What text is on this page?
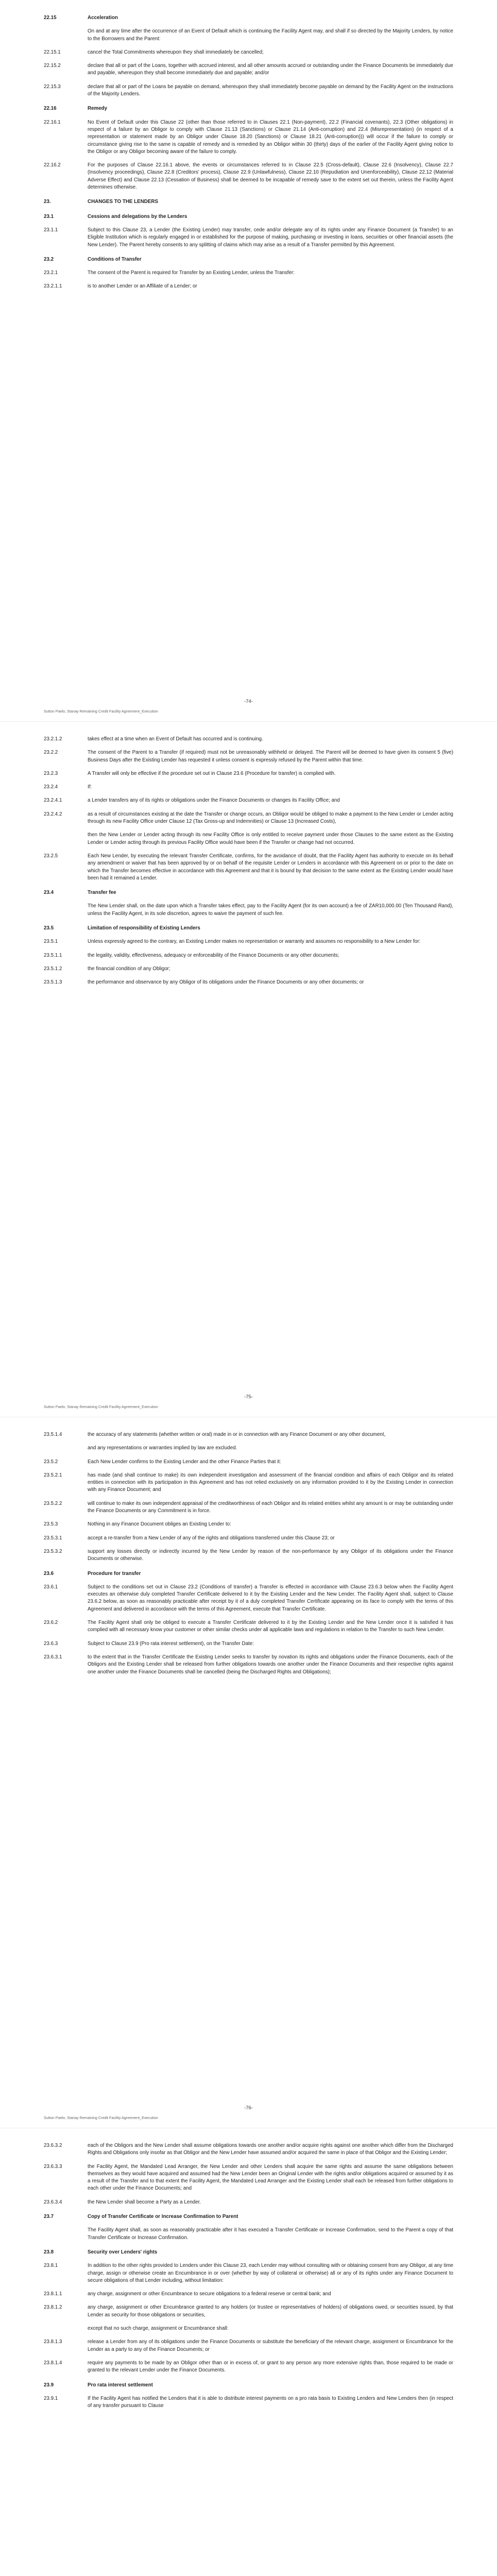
22.15	Acceleration
On and at any time after the occurrence of an Event of Default which is continuing the Facility Agent may, and shall if so directed by the Majority Lenders, by notice to the Borrowers and the Parent:
22.15.1	cancel the Total Commitments whereupon they shall immediately be cancelled;
22.15.2	declare that all or part of the Loans, together with accrued interest, and all other amounts accrued or outstanding under the Finance Documents be immediately due and payable, whereupon they shall become immediately due and payable; and/or
22.15.3	declare that all or part of the Loans be payable on demand, whereupon they shall immediately become payable on demand by the Facility Agent on the instructions of the Majority Lenders.
22.16	Remedy
22.16.1	No Event of Default under this Clause 22 (other than those referred to in Clauses 22.1 (Non-payment), 22.2 (Financial covenants), 22.3 (Other obligations) in respect of a failure by an Obligor to comply with Clause 21.13 (Sanctions) or Clause 21.14 (Anti-corruption) and 22.4 (Misrepresentation) (in respect of a representation or statement made by an Obligor under Clause 18.20 (Sanctions) or Clause 18.21 (Anti-corruption))) will occur if the failure to comply or circumstance giving rise to the same is capable of remedy and is remedied by an Obligor within 30 (thirty) days of the earlier of the Facility Agent giving notice to the Obligor or any Obligor becoming aware of the failure to comply.
22.16.2	For the purposes of Clause 22.16.1 above, the events or circumstances referred to in Clause 22.5 (Cross-default), Clause 22.6 (Insolvency), Clause 22.7 (Insolvency proceedings), Clause 22.8 (Creditors' process), Clause 22.9 (Unlawfulness), Clause 22.10 (Repudiation and Unenforceability), Clause 22.12 (Material Adverse Effect) and Clause 22.13 (Cessation of Business) shall be deemed to be incapable of remedy save to the extent set out therein, unless the Facility Agent determines otherwise.
23.	CHANGES TO THE LENDERS
23.1	Cessions and delegations by the Lenders
23.1.1	Subject to this Clause 23, a Lender (the Existing Lender) may transfer, cede and/or delegate any of its rights under any Finance Document (a Transfer) to an Eligible Institution which is regularly engaged in or established for the purpose of making, purchasing or investing in loans, securities or other financial assets (the New Lender). The Parent hereby consents to any splitting of claims which may arise as a result of a Transfer permitted by this Agreement.
23.2	Conditions of Transfer
23.2.1	The consent of the Parent is required for Transfer by an Existing Lender, unless the Transfer:
23.2.1.1	is to another Lender or an Affiliate of a Lender; or
23.2.1.2	takes effect at a time when an Event of Default has occurred and is continuing.
23.2.2	The consent of the Parent to a Transfer (if required) must not be unreasonably withheld or delayed. The Parent will be deemed to have given its consent 5 (five) Business Days after the Existing Lender has requested it unless consent is expressly refused by the Parent within that time.
23.2.3	A Transfer will only be effective if the procedure set out in Clause 23.6 (Procedure for transfer) is complied with.
23.2.4	If:
23.2.4.1	a Lender transfers any of its rights or obligations under the Finance Documents or changes its Facility Office; and
23.2.4.2	as a result of circumstances existing at the date the Transfer or change occurs, an Obligor would be obliged to make a payment to the New Lender or Lender acting through its new Facility Office under Clause 12 (Tax Gross-up and Indemnities) or Clause 13 (Increased Costs),
then the New Lender or Lender acting through its new Facility Office is only entitled to receive payment under those Clauses to the same extent as the Existing Lender or Lender acting through its previous Facility Office would have been if the Transfer or change had not occurred.
23.2.5	Each New Lender, by executing the relevant Transfer Certificate, confirms, for the avoidance of doubt, that the Facility Agent has authority to execute on its behalf any amendment or waiver that has been approved by or on behalf of the requisite Lender or Lenders in accordance with this Agreement on or prior to the date on which the Transfer becomes effective in accordance with this Agreement and that it is bound by that decision to the same extent as the Existing Lender would have been had it remained a Lender.
23.4	Transfer fee
The New Lender shall, on the date upon which a Transfer takes effect, pay to the Facility Agent (for its own account) a fee of ZAR10,000.00 (Ten Thousand Rand), unless the Facility Agent, in its sole discretion, agrees to waive the payment of such fee.
23.5	Limitation of responsibility of Existing Lenders
23.5.1	Unless expressly agreed to the contrary, an Existing Lender makes no representation or warranty and assumes no responsibility to a New Lender for:
23.5.1.1	the legality, validity, effectiveness, adequacy or enforceability of the Finance Documents or any other documents;
23.5.1.2	the financial condition of any Obligor;
23.5.1.3	the performance and observance by any Obligor of its obligations under the Finance Documents or any other documents; or
23.5.1.4	the accuracy of any statements (whether written or oral) made in or in connection with any Finance Document or any other document,
and any representations or warranties implied by law are excluded.
23.5.2	Each New Lender confirms to the Existing Lender and the other Finance Parties that it:
23.5.2.1	has made (and shall continue to make) its own independent investigation and assessment of the financial condition and affairs of each Obligor and its related entities in connection with its participation in this Agreement and has not relied exclusively on any information provided to it by the Existing Lender in connection with any Finance Document; and
23.5.2.2	will continue to make its own independent appraisal of the creditworthiness of each Obligor and its related entities whilst any amount is or may be outstanding under the Finance Documents or any Commitment is in force.
23.5.3	Nothing in any Finance Document obliges an Existing Lender to:
23.5.3.1	accept a re-transfer from a New Lender of any of the rights and obligations transferred under this Clause 23; or
23.5.3.2	support any losses directly or indirectly incurred by the New Lender by reason of the non-performance by any Obligor of its obligations under the Finance Documents or otherwise.
23.6	Procedure for transfer
23.6.1	Subject to the conditions set out in Clause 23.2 (Conditions of transfer) a Transfer is effected in accordance with Clause 23.6.3 below when the Facility Agent executes an otherwise duly completed Transfer Certificate delivered to it by the Existing Lender and the New Lender. The Facility Agent shall, subject to Clause 23.6.2 below, as soon as reasonably practicable after receipt by it of a duly completed Transfer Certificate appearing on its face to comply with the terms of this Agreement and delivered in accordance with the terms of this Agreement, execute that Transfer Certificate.
23.6.2	The Facility Agent shall only be obliged to execute a Transfer Certificate delivered to it by the Existing Lender and the New Lender once it is satisfied it has complied with all necessary know your customer or other similar checks under all applicable laws and regulations in relation to the Transfer to such New Lender.
23.6.3	Subject to Clause 23.9 (Pro rata interest settlement), on the Transfer Date:
23.6.3.1	to the extent that in the Transfer Certificate the Existing Lender seeks to transfer by novation its rights and obligations under the Finance Documents, each of the Obligors and the Existing Lender shall be released from further obligations towards one another under the Finance Documents and their respective rights against one another under the Finance Documents shall be cancelled (being the Discharged Rights and Obligations);
23.6.3.2	each of the Obligors and the New Lender shall assume obligations towards one another and/or acquire rights against one another which differ from the Discharged Rights and Obligations only insofar as that Obligor and the New Lender have assumed and/or acquired the same in place of that Obligor and the Existing Lender;
23.6.3.3	the Facility Agent, the Mandated Lead Arranger, the New Lender and other Lenders shall acquire the same rights and assume the same obligations between themselves as they would have acquired and assumed had the New Lender been an Original Lender with the rights and/or obligations acquired or assumed by it as a result of the Transfer and to that extent the Facility Agent, the Mandated Lead Arranger and the Existing Lender shall each be released from further obligations to each other under the Finance Documents; and
23.6.3.4	the New Lender shall become a Party as a Lender.
23.7	Copy of Transfer Certificate or Increase Confirmation to Parent
The Facility Agent shall, as soon as reasonably practicable after it has executed a Transfer Certificate or Increase Confirmation, send to the Parent a copy of that Transfer Certificate or Increase Confirmation.
23.8	Security over Lenders' rights
23.8.1	In addition to the other rights provided to Lenders under this Clause 23, each Lender may without consulting with or obtaining consent from any Obligor, at any time charge, assign or otherwise create an Encumbrance in or over (whether by way of collateral or otherwise) all or any of its rights under any Finance Document to secure obligations of that Lender including, without limitation:
23.8.1.1	any charge, assignment or other Encumbrance to secure obligations to a federal reserve or central bank; and
23.8.1.2	any charge, assignment or other Encumbrance granted to any holders (or trustee or representatives of holders) of obligations owed, or securities issued, by that Lender as security for those obligations or securities,
except that no such charge, assignment or Encumbrance shall:
23.8.1.3	release a Lender from any of its obligations under the Finance Documents or substitute the beneficiary of the relevant charge, assignment or Encumbrance for the Lender as a party to any of the Finance Documents; or
23.8.1.4	require any payments to be made by an Obligor other than or in excess of, or grant to any person any more extensive rights than, those required to be made or granted to the relevant Lender under the Finance Documents.
23.9	Pro rata interest settlement
23.9.1	If the Facility Agent has notified the Lenders that it is able to distribute interest payments on a pro rata basis to Existing Lenders and New Lenders then (in respect of any transfer pursuant to Clause
-74-
Sutton Paelo, Stanay Remaining Credit Facility Agreement_Execution
-75-
Sutton Paelo, Stanay Remaining Credit Facility Agreement_Execution
-76-
Sutton Paelo, Stanay Remaining Credit Facility Agreement_Execution
